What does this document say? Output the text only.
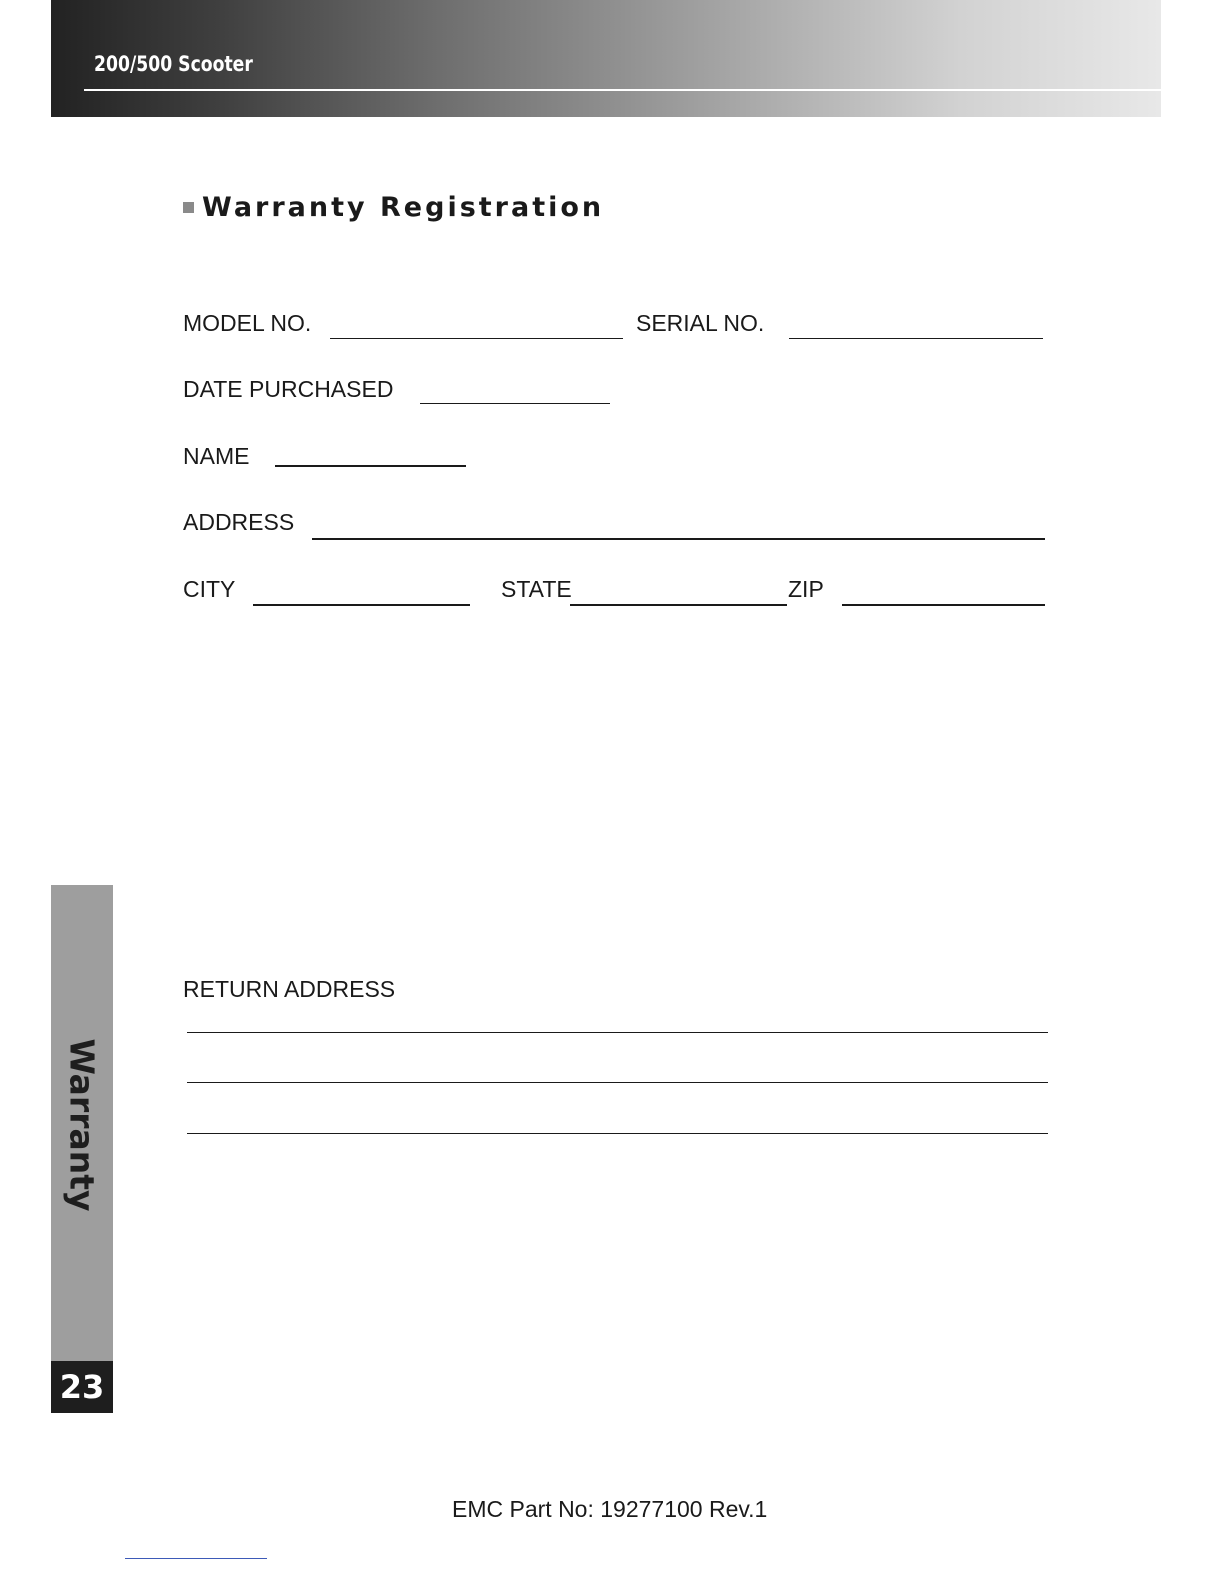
200/500 Scooter
Warranty Registration
MODEL NO.	SERIAL NO.
DATE PURCHASED
NAME
ADDRESS
CITY	STATE	ZIP
RETURN ADDRESS
Warranty
23
EMC Part No: 19277100 Rev.1
